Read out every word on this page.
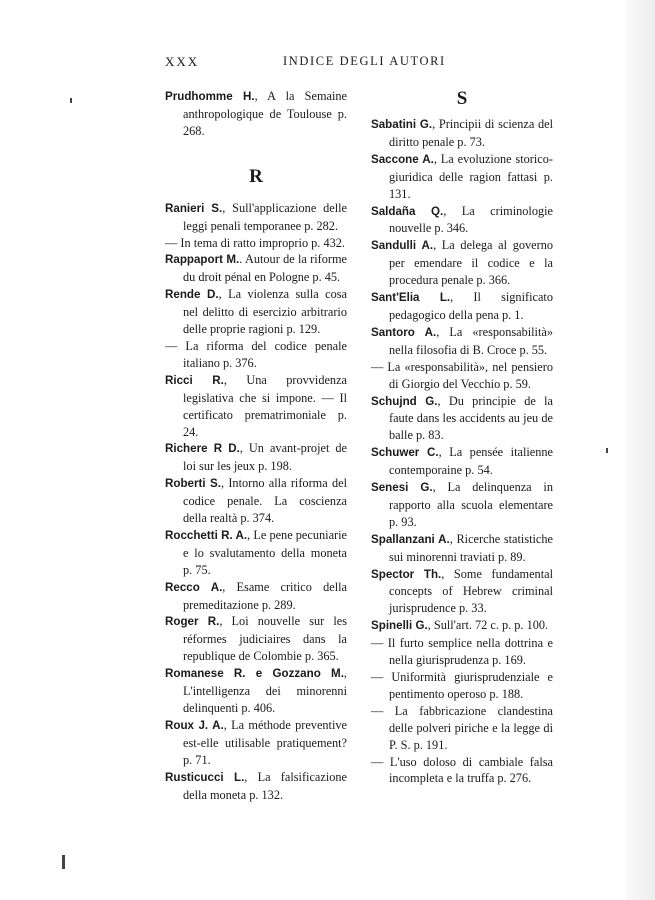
XXX	INDICE DEGLI AUTORI

Prudhomme H., A la Semaine anthropologique de Toulouse p. 268.

R

Ranieri S., Sull'applicazione delle leggi penali temporanee p. 282.

— In tema di ratto improprio p. 432.

Rappaport M.. Autour de la riforme du droit pénal en Pologne p. 45.

Rende D., La violenza sulla cosa nel delitto di esercizio arbitrario delle proprie ragioni p. 129.

— La riforma del codice penale italiano p. 376.

Ricci R., Una provvidenza legislativa che si impone. — Il certificato prematrimoniale p. 24.

Richere R D., Un avant-projet de loi sur les jeux p. 198.

Roberti S., Intorno alla riforma del codice penale. La coscienza della realtà p. 374.

Rocchetti R. A., Le pene pecuniarie e lo svalutamento della moneta p. 75.

Recco A., Esame critico della premeditazione p. 289.

Roger R., Loi nouvelle sur les réformes judiciaires dans la republique de Colombie p. 365.

Romanese R. e Gozzano M., L'intelligenza dei minorenni delinquenti p. 406.

Roux J. A., La méthode preventive est-elle utilisable pratiquement? p. 71.

Rusticucci L., La falsificazione della moneta p. 132.

S

Sabatini G., Principii di scienza del diritto penale p. 73.

Saccone A., La evoluzione storico-giuridica delle ragion fattasi p. 131.

Saldaña Q., La criminologie nouvelle p. 346.

Sandulli A., La delega al governo per emendare il codice e la procedura penale p. 366.

Sant'Elia L., Il significato pedagogico della pena p. 1.

Santoro A., La «responsabilità» nella filosofia di B. Croce p. 55.

— La «responsabilità», nel pensiero di Giorgio del Vecchio p. 59.

Schujnd G., Du principie de la faute dans les accidents au jeu de balle p. 83.

Schuwer C., La pensée italienne contemporaine p. 54.

Senesi G., La delinquenza in rapporto alla scuola elementare p. 93.

Spallanzani A., Ricerche statistiche sui minorenni traviati p. 89.

Spector Th., Some fundamental concepts of Hebrew criminal jurisprudence p. 33.

Spinelli G., Sull'art. 72 c. p. p. 100.

— Il furto semplice nella dottrina e nella giurisprudenza p. 169.

— Uniformità giurisprudenziale e pentimento operoso p. 188.

— La fabbricazione clandestina delle polveri piriche e la legge di P. S. p. 191.

— L'uso doloso di cambiale falsa incompleta e la truffa p. 276.
